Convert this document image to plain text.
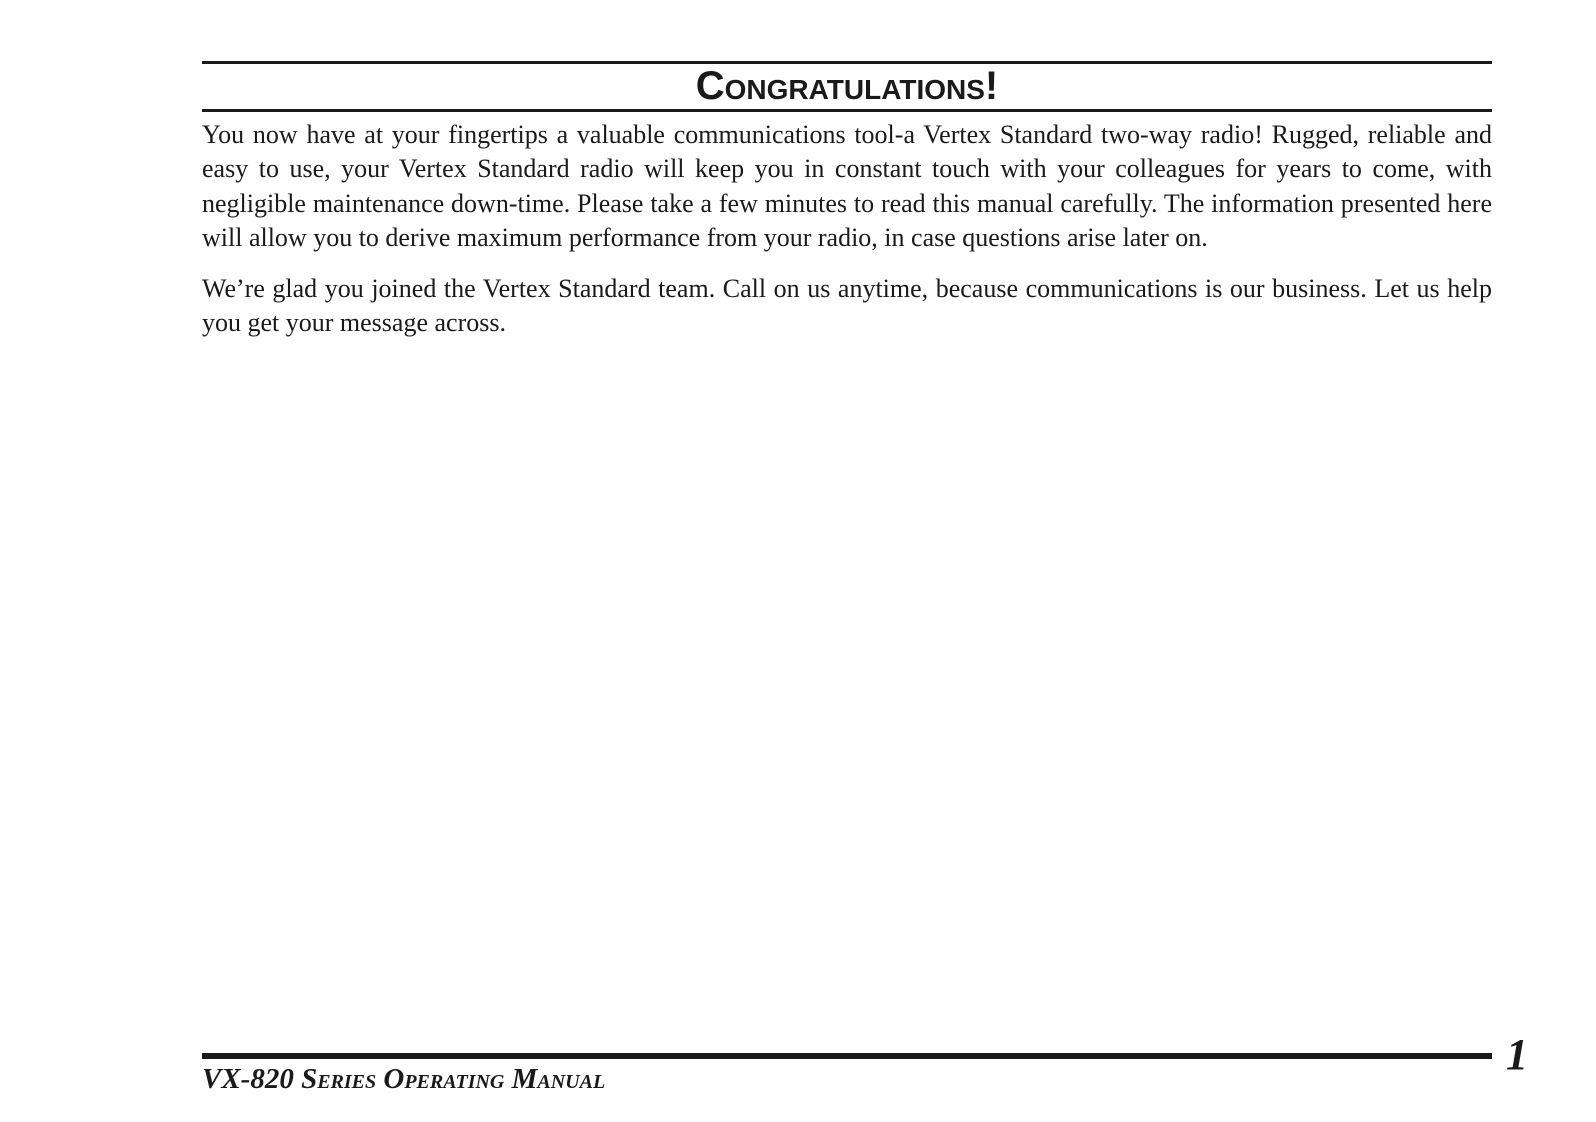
Congratulations!

You now have at your fingertips a valuable communications tool-a Vertex Standard two-way radio! Rugged, reliable and easy to use, your Vertex Standard radio will keep you in constant touch with your colleagues for years to come, with negligible maintenance down-time. Please take a few minutes to read this manual carefully. The information presented here will allow you to derive maximum performance from your radio, in case questions arise later on.

We’re glad you joined the Vertex Standard team. Call on us anytime, because communications is our business. Let us help you get your message across.

VX-820 Series Operating Manual	1
